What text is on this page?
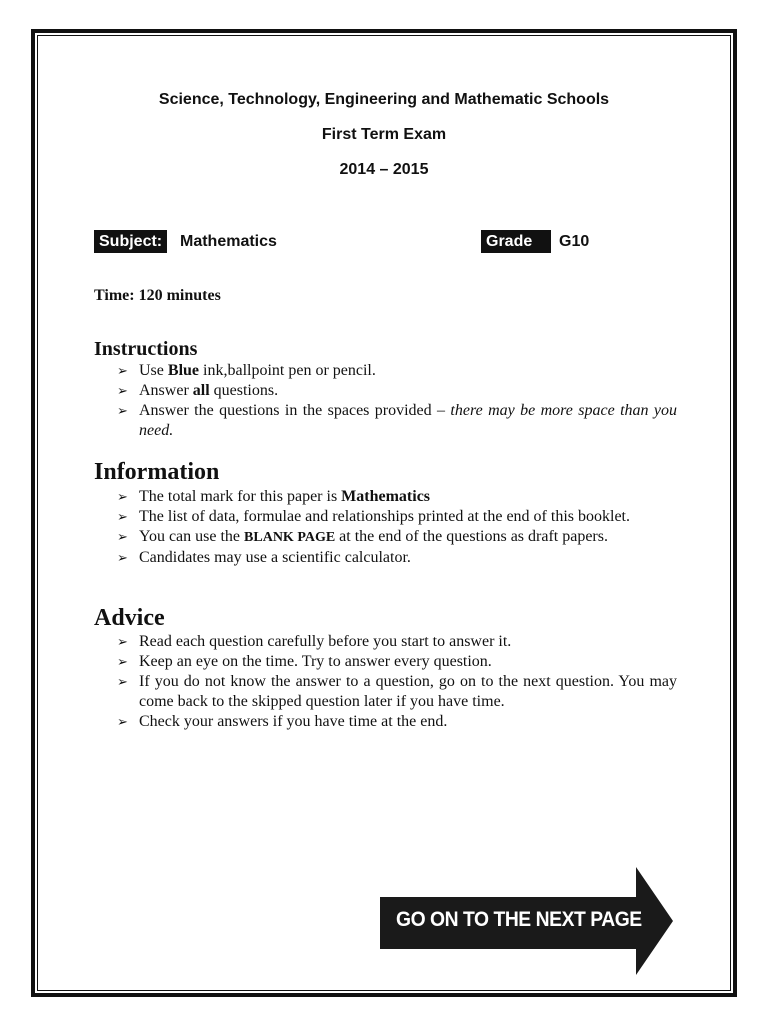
Science, Technology, Engineering and Mathematic Schools
First Term Exam
2014 – 2015
Subject:	Mathematics	Grade	G10
Time: 120 minutes
Instructions
➢ Use Blue ink,ballpoint pen or pencil.
➢ Answer all questions.
➢ Answer the questions in the spaces provided – there may be more space than you need.
Information
➢ The total mark for this paper is Mathematics
➢ The list of data, formulae and relationships printed at the end of this booklet.
➢ You can use the BLANK PAGE at the end of the questions as draft papers.
➢ Candidates may use a scientific calculator.
Advice
➢ Read each question carefully before you start to answer it.
➢ Keep an eye on the time. Try to answer every question.
➢ If you do not know the answer to a question, go on to the next question. You may come back to the skipped question later if you have time.
➢ Check your answers if you have time at the end.
GO ON TO THE NEXT PAGE
